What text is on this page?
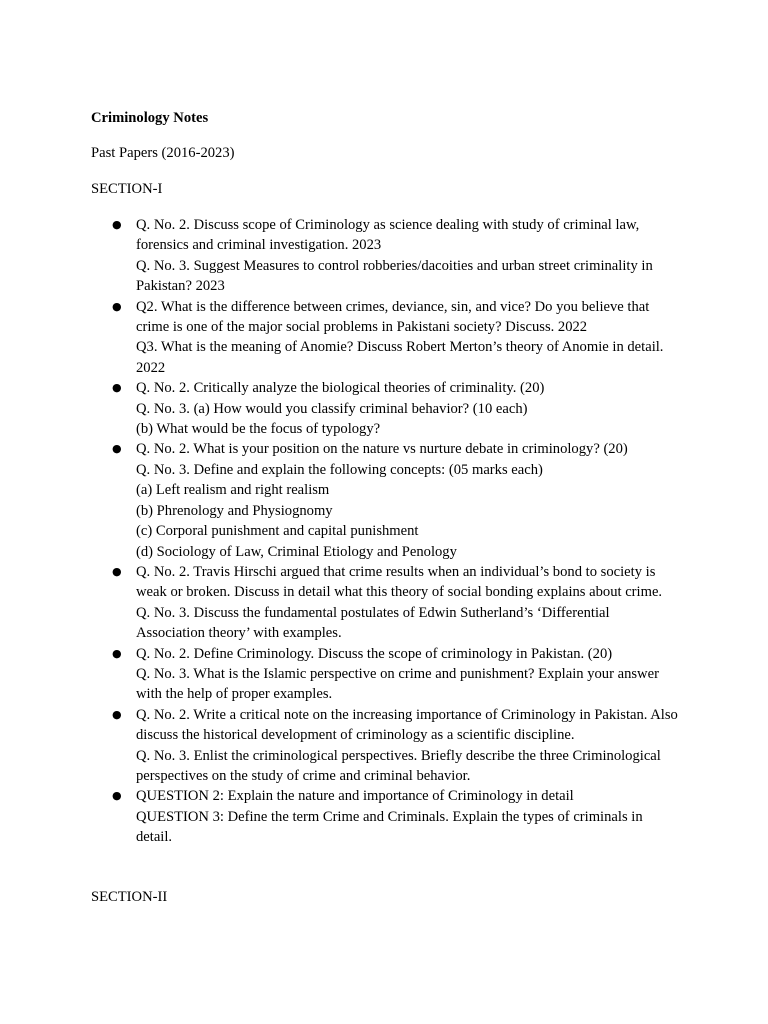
Criminology Notes
Past Papers (2016-2023)
SECTION-I
● Q. No. 2. Discuss scope of Criminology as science dealing with study of criminal law, forensics and criminal investigation. 2023
Q. No. 3. Suggest Measures to control robberies/dacoities and urban street criminality in Pakistan? 2023
● Q2. What is the difference between crimes, deviance, sin, and vice? Do you believe that crime is one of the major social problems in Pakistani society? Discuss. 2022
Q3. What is the meaning of Anomie? Discuss Robert Merton’s theory of Anomie in detail. 2022
● Q. No. 2. Critically analyze the biological theories of criminality. (20)
Q. No. 3. (a) How would you classify criminal behavior? (10 each)
(b) What would be the focus of typology?
● Q. No. 2. What is your position on the nature vs nurture debate in criminology? (20)
Q. No. 3. Define and explain the following concepts: (05 marks each)
(a) Left realism and right realism
(b) Phrenology and Physiognomy
(c) Corporal punishment and capital punishment
(d) Sociology of Law, Criminal Etiology and Penology
● Q. No. 2. Travis Hirschi argued that crime results when an individual’s bond to society is weak or broken. Discuss in detail what this theory of social bonding explains about crime.
Q. No. 3. Discuss the fundamental postulates of Edwin Sutherland’s ‘Differential Association theory’ with examples.
● Q. No. 2. Define Criminology. Discuss the scope of criminology in Pakistan. (20)
Q. No. 3. What is the Islamic perspective on crime and punishment? Explain your answer with the help of proper examples.
● Q. No. 2. Write a critical note on the increasing importance of Criminology in Pakistan. Also discuss the historical development of criminology as a scientific discipline.
Q. No. 3. Enlist the criminological perspectives. Briefly describe the three Criminological perspectives on the study of crime and criminal behavior.
● QUESTION 2: Explain the nature and importance of Criminology in detail
QUESTION 3: Define the term Crime and Criminals. Explain the types of criminals in detail.
SECTION-II
